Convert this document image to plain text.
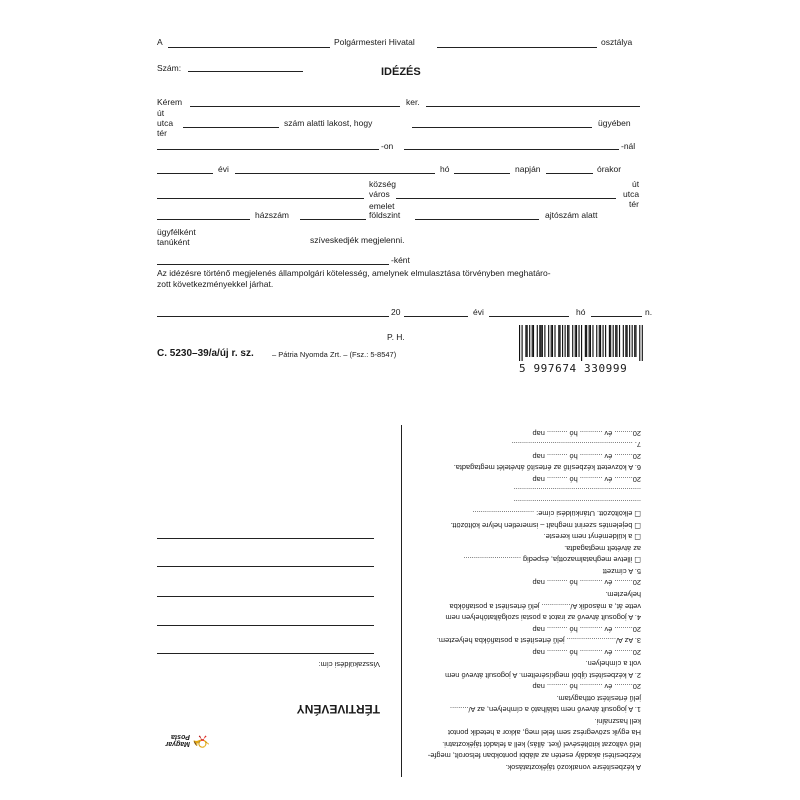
A	Polgármesteri Hivatal	osztálya
Szám:	IDÉZÉS
Kérem	ker.
út
utca
tér
szám alatti lakost, hogy	ügyében
-on	-nál
évi	hó	napján	órakor
község
város
út
utca
tér
házszám
emelet
földszint	ajtószám alatt
ügyfélként
tanúként	szíveskedjék megjelenni.
-ként
Az idézésre történő megjelenés állampolgári kötelesség, amelynek elmulasztása törvényben meghatáro-
zott következményekkel járhat.
20	évi	hó	n.
P. H.
C. 5230–39/a/új r. sz. – Pátria Nyomda Zrt. – (Fsz.: 5-8547)
5 997674 330999
Visszaküldési cím:
TÉRTIVEVÉNY
📯
Magyar Posta
A kézbesítésre vonatkozó tájékoztatások.
Kézbesítési akadály esetén az alábbi pontokban felsorolt, megfe-
lelő változat kitöltésével (ket. állás) kell a feladót tájékoztatni.
Ha egyik szövegrész sem felel meg, akkor a hetedik pontot
kell használni.
1. A jogosult átvevő nem található a címhelyen, az A/.........
jelű értesítést otthagytam.
20......... év ........... hó .......... nap
2. A kézbesítést újból megkíséreltem. A jogosult átvevő nem
volt a címhelyen.
20......... év ........... hó .......... nap
3. Az A/........................ jelű értesítést a postafiókba helyeztem.
20......... év ........... hó .......... nap
4. A jogosult átvevő az iratot a postai szolgáltatóhelyen nem
vette át, a második A/.............. jelű értesítést a postafiókba
helyeztem.
20......... év ........... hó .......... nap
5. A címzett
☐ illetve meghatalmazottja, éspedig ............................
az átvételt megtagadta.
☐ a küldeményt nem kereste.
☐ bejelentés szerint meghalt – ismeretlen helyre költözött.
☐ elköltözött. Utánküldési címe: ..............................
..............................................................
..............................................................
20......... év ........... hó .......... nap
6. A közvetett kézbesítő az értesítő átvételét megtagadta.
20......... év ........... hó .......... nap
7. ...........................................................
20......... év ........... hó .......... nap
